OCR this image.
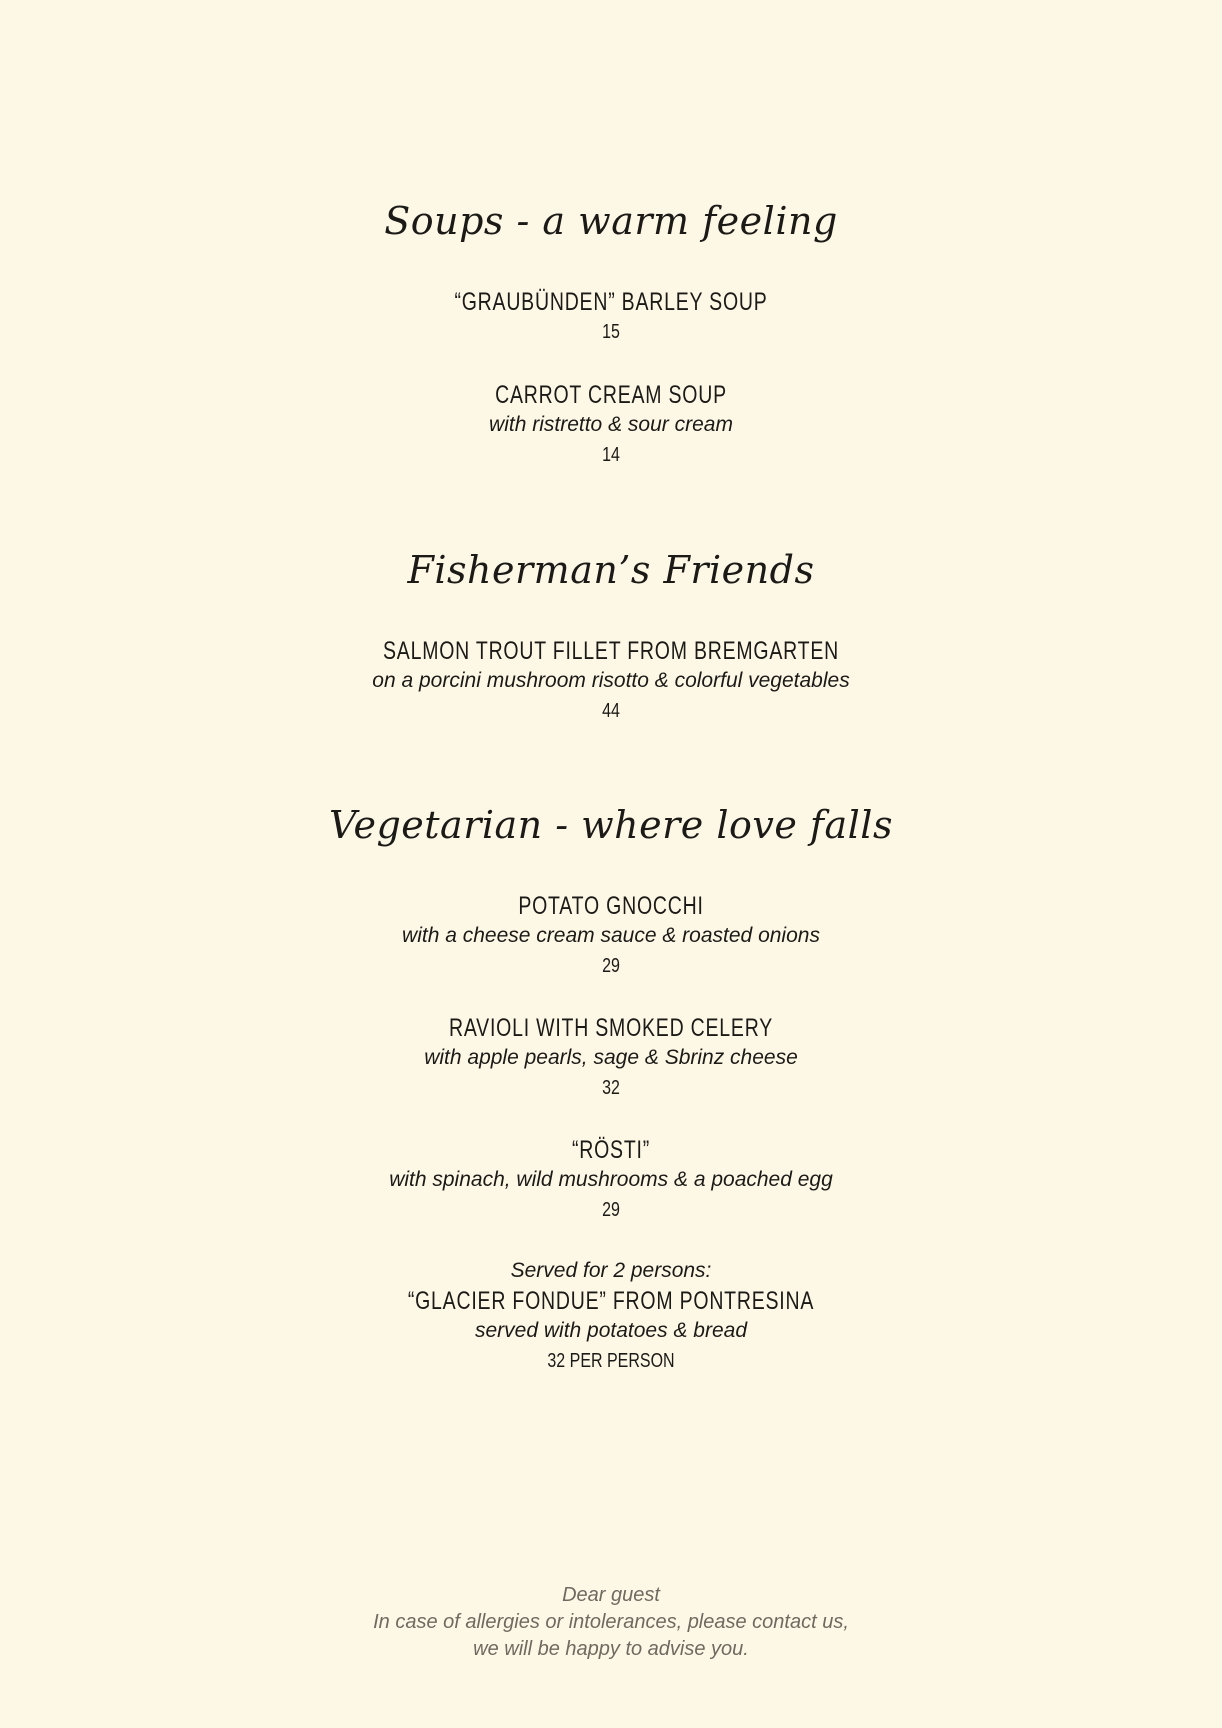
Soups - a warm feeling
“GRAUBÜNDEN” BARLEY SOUP
15
CARROT CREAM SOUP
with ristretto & sour cream
14
Fisherman’s Friends
SALMON TROUT FILLET FROM BREMGARTEN
on a porcini mushroom risotto & colorful vegetables
44
Vegetarian - where love falls
POTATO GNOCCHI
with a cheese cream sauce & roasted onions
29
RAVIOLI WITH SMOKED CELERY
with apple pearls, sage & Sbrinz cheese
32
“RÖSTI”
with spinach, wild mushrooms & a poached egg
29
Served for 2 persons:
“GLACIER FONDUE” FROM PONTRESINA
served with potatoes & bread
32 PER PERSON
Dear guest
In case of allergies or intolerances, please contact us,
we will be happy to advise you.
